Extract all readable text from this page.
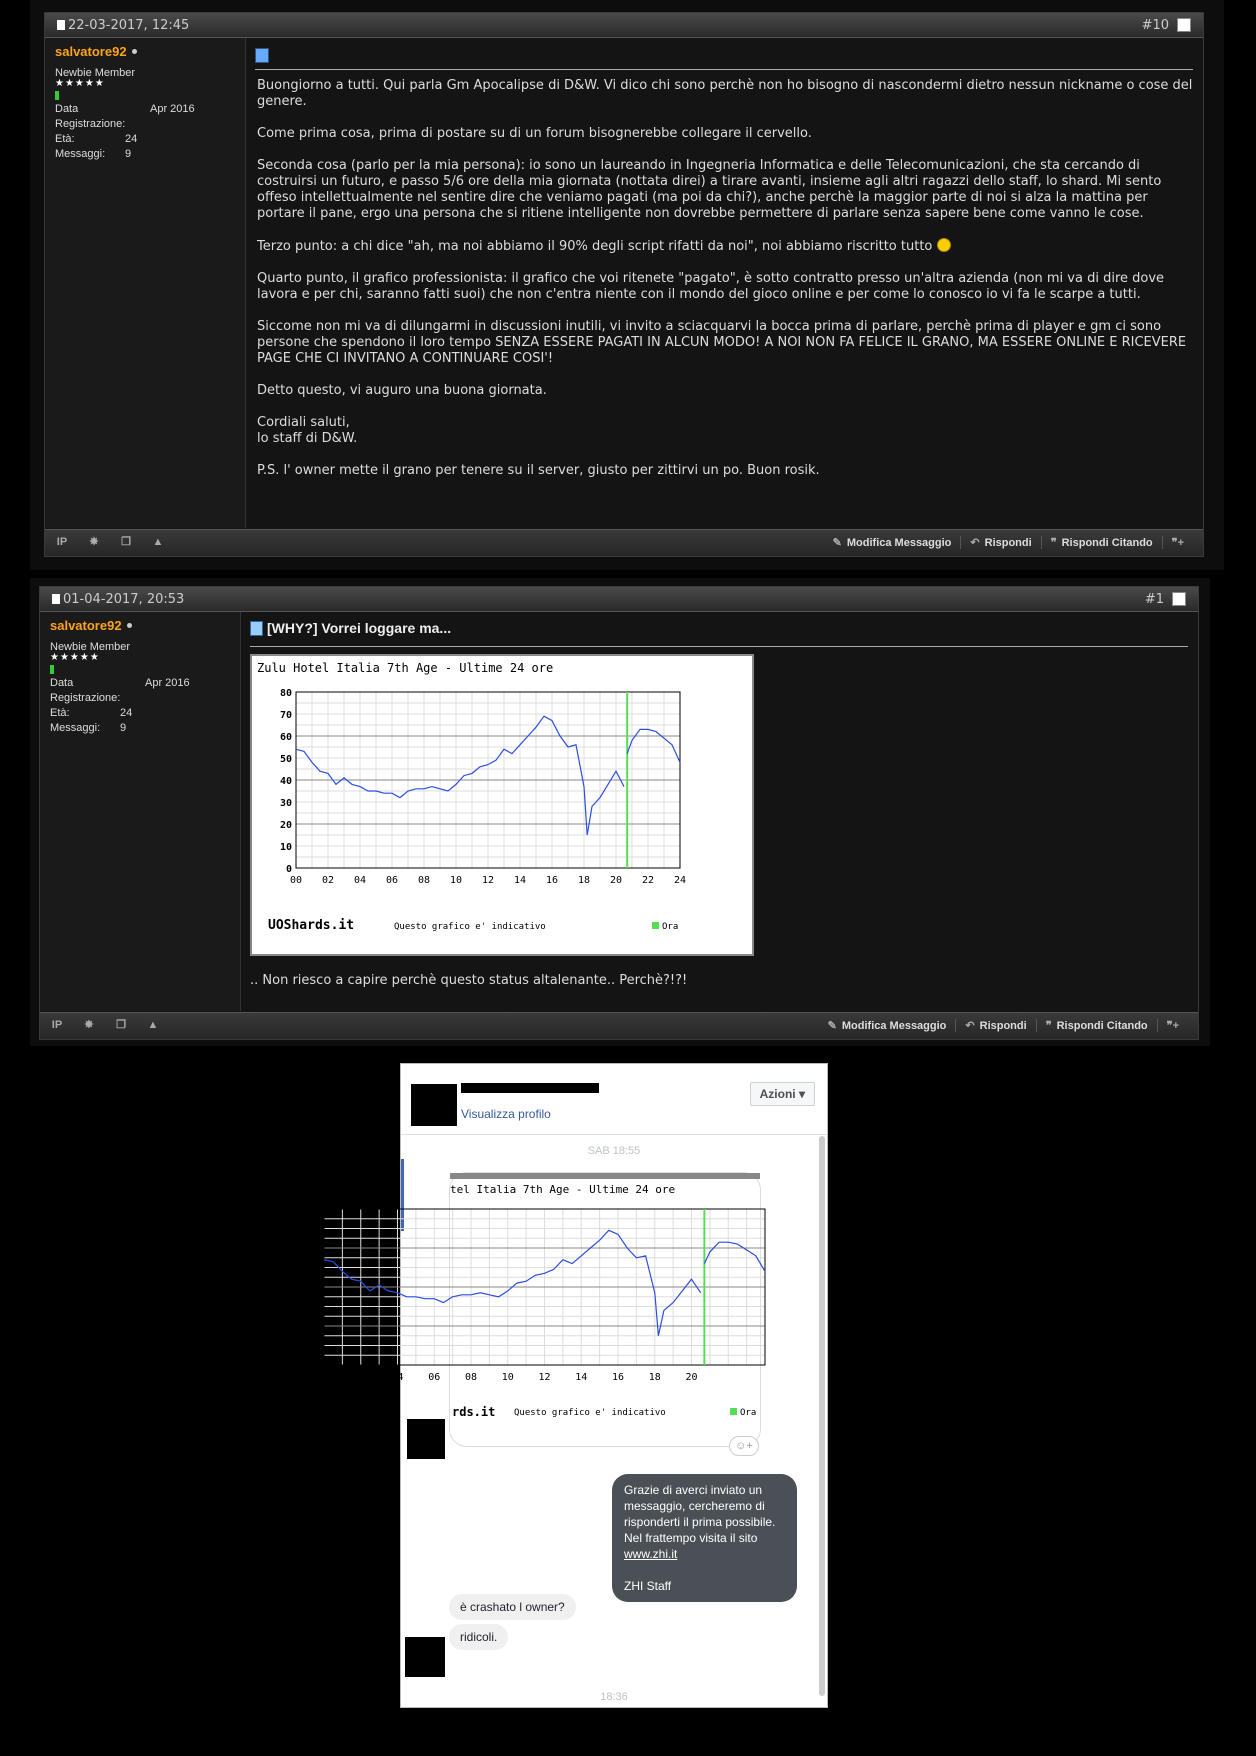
22-03-2017, 12:45	#10
salvatore92
Newbie Member
★★★★★
Data Registrazione:
Apr 2016
Età:	24
Messaggi:	9

Buongiorno a tutti. Qui parla Gm Apocalipse di D&W. Vi dico chi sono perchè non ho bisogno di nascondermi dietro nessun nickname o cose del genere.

Come prima cosa, prima di postare su di un forum bisognerebbe collegare il cervello.

Seconda cosa (parlo per la mia persona): io sono un laureando in Ingegneria Informatica e delle Telecomunicazioni, che sta cercando di costruirsi un futuro, e passo 5/6 ore della mia giornata (nottata direi) a tirare avanti, insieme agli altri ragazzi dello staff, lo shard. Mi sento offeso intellettualmente nel sentire dire che veniamo pagati (ma poi da chi?), anche perchè la maggior parte di noi si alza la mattina per portare il pane, ergo una persona che si ritiene intelligente non dovrebbe permettere di parlare senza sapere bene come vanno le cose.

Terzo punto: a chi dice "ah, ma noi abbiamo il 90% degli script rifatti da noi", noi abbiamo riscritto tutto

Quarto punto, il grafico professionista: il grafico che voi ritenete "pagato", è sotto contratto presso un'altra azienda (non mi va di dire dove lavora e per chi, saranno fatti suoi) che non c'entra niente con il mondo del gioco online e per come lo conosco io vi fa le scarpe a tutti.

Siccome non mi va di dilungarmi in discussioni inutili, vi invito a sciacquarvi la bocca prima di parlare, perchè prima di player e gm ci sono persone che spendono il loro tempo SENZA ESSERE PAGATI IN ALCUN MODO! A NOI NON FA FELICE IL GRANO, MA ESSERE ONLINE E RICEVERE PAGE CHE CI INVITANO A CONTINUARE COSI'!

Detto questo, vi auguro una buona giornata.

Cordiali saluti,
lo staff di D&W.

P.S. l' owner mette il grano per tenere su il server, giusto per zittirvi un po. Buon rosik.

IP ✸ ❐ ▲	✎ Modifica Messaggio ↶ Rispondi ❞ Rispondi Citando ❞+
01-04-2017, 20:53	#1
salvatore92
Newbie Member
★★★★★
Data Registrazione:
Apr 2016
Età:	24
Messaggi:	9
[WHY?] Vorrei loggare ma...
Zulu Hotel Italia 7th Age - Ultime 24 ore
0
10
20
30
40
50
60
70
80
00 02 04 06 08 10 12 14 16 18 20 22 24
UOShards.it	Questo grafico e' indicativo	Ora
.. Non riesco a capire perchè questo status altalenante.. Perchè?!?!
IP ✸ ❐ ▲	✎ Modifica Messaggio ↶ Rispondi ❞ Rispondi Citando ❞+
Visualizza profilo
Azioni ▾
SAB 18:55
tel Italia 7th Age - Ultime 24 ore
02 04 06 08 10 12 14 16 18 20
rds.it Questo grafico e' indicativo	Ora
☺+
Grazie di averci inviato un
messaggio, cercheremo di
risponderti il prima possibile.
Nel frattempo visita il sito
www.zhi.it
ZHI Staff
è crashato l owner?
ridicoli.
18:36
